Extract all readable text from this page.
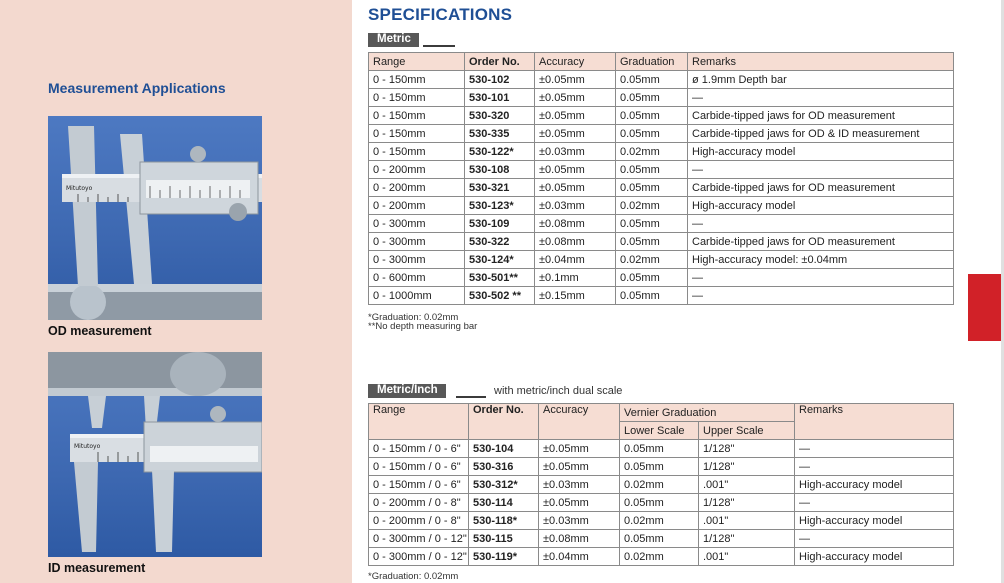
Measurement Applications
Mitutoyo
OD measurement
Mitutoyo
ID measurement
SPECIFICATIONS
Metric
Range	Order No.	Accuracy	Graduation	Remarks
0 - 150mm	530-102	±0.05mm	0.05mm	ø 1.9mm Depth bar
0 - 150mm	530-101	±0.05mm	0.05mm	—
0 - 150mm	530-320	±0.05mm	0.05mm	Carbide-tipped jaws for OD measurement
0 - 150mm	530-335	±0.05mm	0.05mm	Carbide-tipped jaws for OD & ID measurement
0 - 150mm	530-122*	±0.03mm	0.02mm	High-accuracy model
0 - 200mm	530-108	±0.05mm	0.05mm	—
0 - 200mm	530-321	±0.05mm	0.05mm	Carbide-tipped jaws for OD measurement
0 - 200mm	530-123*	±0.03mm	0.02mm	High-accuracy model
0 - 300mm	530-109	±0.08mm	0.05mm	—
0 - 300mm	530-322	±0.08mm	0.05mm	Carbide-tipped jaws for OD measurement
0 - 300mm	530-124*	±0.04mm	0.02mm	High-accuracy model: ±0.04mm
0 - 600mm	530-501**	±0.1mm	0.05mm	—
0 - 1000mm	530-502 **	±0.15mm	0.05mm	—
*Graduation: 0.02mm
**No depth measuring bar
Metric/Inch	with metric/inch dual scale
Range	Order No.	Accuracy	Vernier Graduation		Remarks
			Lower Scale	Upper Scale	
0 - 150mm / 0 - 6"	530-104	±0.05mm	0.05mm	1/128"	—
0 - 150mm / 0 - 6"	530-316	±0.05mm	0.05mm	1/128"	—
0 - 150mm / 0 - 6"	530-312*	±0.03mm	0.02mm	.001"	High-accuracy model
0 - 200mm / 0 - 8"	530-114	±0.05mm	0.05mm	1/128"	—
0 - 200mm / 0 - 8"	530-118*	±0.03mm	0.02mm	.001"	High-accuracy model
0 - 300mm / 0 - 12"	530-115	±0.08mm	0.05mm	1/128"	—
0 - 300mm / 0 - 12"	530-119*	±0.04mm	0.02mm	.001"	High-accuracy model
*Graduation: 0.02mm
